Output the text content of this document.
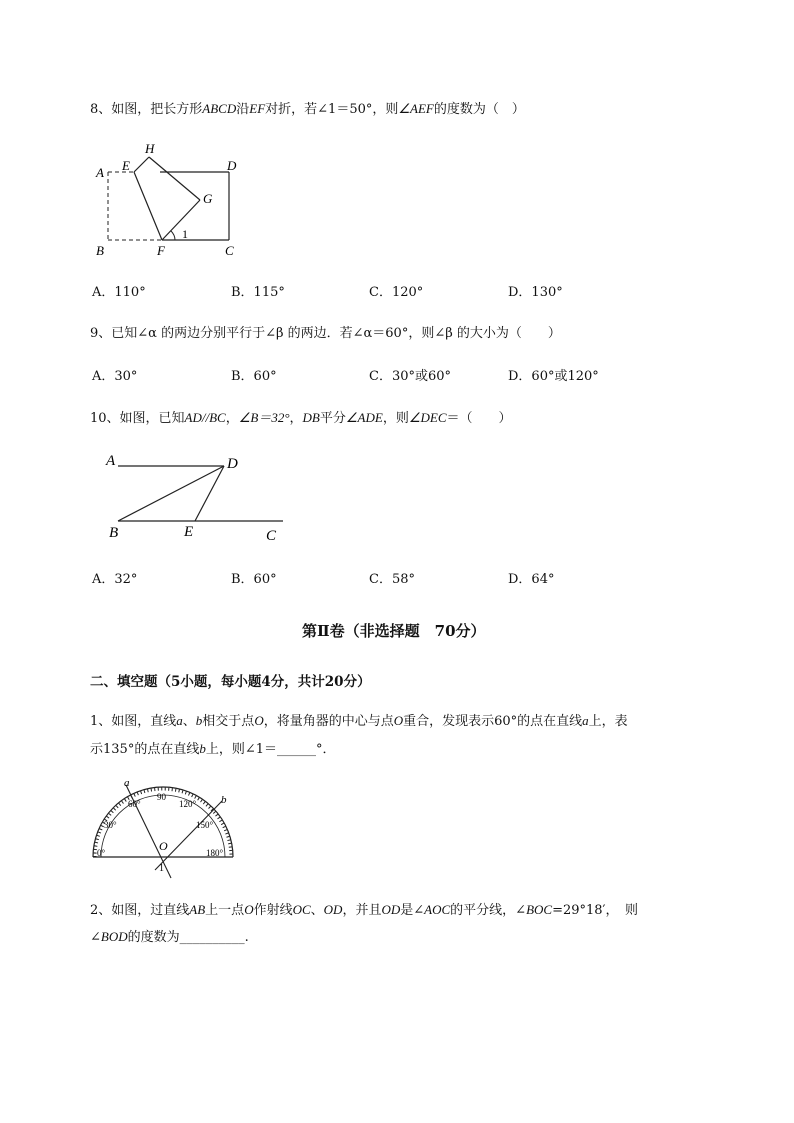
8、如图，把长方形ABCD沿EF对折，若∠1＝50°，则∠AEF的度数为（　）
A E
H
D
G
B	F	C
1
A．110°	B．115°	C．120°	D．130°
9、已知∠α 的两边分别平行于∠β 的两边．若∠α＝60°，则∠β 的大小为（　　）
A．30°	B．60°	C．30°或60°	D．60°或120°
10、如图，已知AD//BC，∠B＝32°，DB平分∠ADE，则∠DEC＝（　　）
A	D
B	E	C
A．32°	B．60°	C．58°	D．64°
第Ⅱ卷（非选择题　70分）
二、填空题（5小题，每小题4分，共计20分）
1、如图，直线a、b相交于点O，将量角器的中心与点O重合，发现表示60°的点在直线a上，表
示135°的点在直线b上，则∠1＝______°．
a
b
O
1
0°
30°
60°
90
120°
150°
180°
2、如图，过直线AB上一点O作射线OC、OD，并且OD是∠AOC的平分线，∠BOC=29°18′，　则
∠BOD的度数为__________.
